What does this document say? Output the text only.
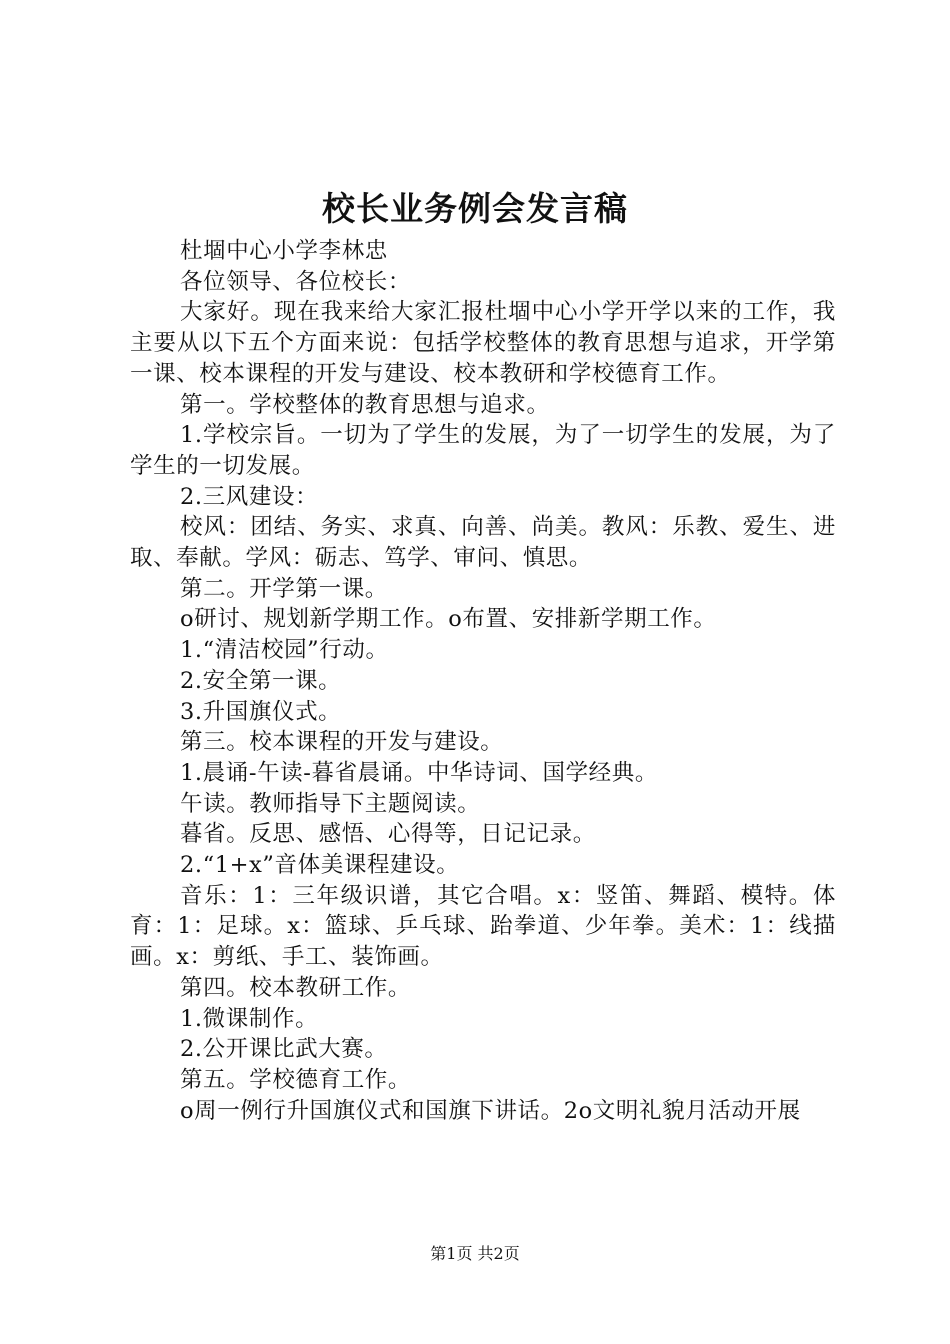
校长业务例会发言稿

杜堌中心小学李林忠

各位领导、各位校长：

大家好。现在我来给大家汇报杜堌中心小学开学以来的工作，我主要从以下五个方面来说：包括学校整体的教育思想与追求，开学第一课、校本课程的开发与建设、校本教研和学校德育工作。

第一。学校整体的教育思想与追求。

1.学校宗旨。一切为了学生的发展，为了一切学生的发展，为了学生的一切发展。

2.三风建设：

校风：团结、务实、求真、向善、尚美。教风：乐教、爱生、进取、奉献。学风：砺志、笃学、审问、慎思。

第二。开学第一课。

o研讨、规划新学期工作。o布置、安排新学期工作。

1.“清洁校园”行动。

2.安全第一课。

3.升国旗仪式。

第三。校本课程的开发与建设。

1.晨诵-午读-暮省晨诵。中华诗词、国学经典。

午读。教师指导下主题阅读。

暮省。反思、感悟、心得等，日记记录。

2.“1+x”音体美课程建设。

音乐：1：三年级识谱，其它合唱。x：竖笛、舞蹈、模特。体育：1：足球。x：篮球、乒乓球、跆拳道、少年拳。美术：1：线描画。x：剪纸、手工、装饰画。

第四。校本教研工作。

1.微课制作。

2.公开课比武大赛。

第五。学校德育工作。

o周一例行升国旗仪式和国旗下讲话。2o文明礼貌月活动开展

第1页 共2页
